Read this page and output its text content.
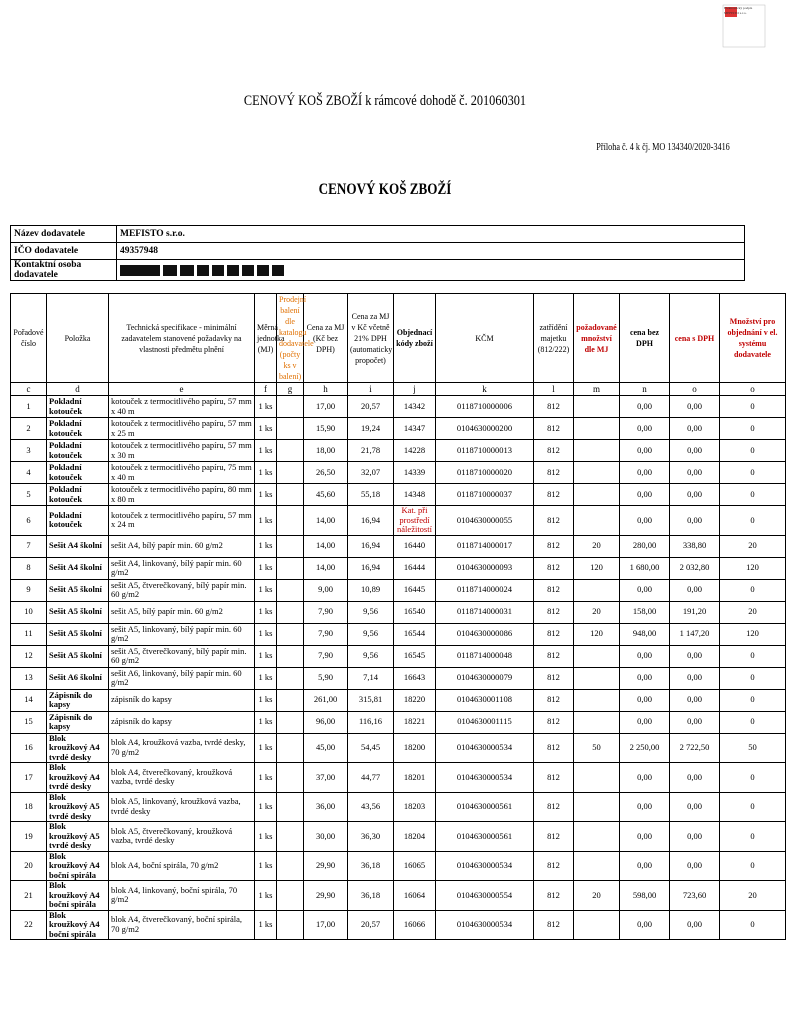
Elektronický podpis
MEFISTO s.r.o.
CENOVÝ KOŠ ZBOŽÍ k rámcové dohodě č. 201060301
Příloha č. 4 k čj. MO 134340/2020-3416
CENOVÝ KOŠ ZBOŽÍ
Název dodavatele	MEFISTO s.r.o.
IČO dodavatele	49357948
Kontaktní osoba dodavatele	
Pořadové číslo	Položka	Technická specifikace - minimální zadavatelem stanovené požadavky na vlastnosti předmětu plnění	Měrná jednotka (MJ)	Prodejní balení dle katalogu dodavatele (počty ks v balení)	Cena za MJ (Kč bez DPH)	Cena za MJ v Kč včetně 21% DPH (automaticky propočet)	Objednací kódy zboží	KČM	zatřídění majetku (812/222)	požadované množství dle MJ	cena bez DPH	cena s DPH	Množství pro objednání v el. systému dodavatele
c	d	e	f	g	h	i	j	k	l	m	n	o	o
1	Pokladní kotouček	kotouček z termocitlivého papíru, 57 mm x 40 m	1 ks		17,00	20,57	14342	0118710000006	812		0,00	0,00	0
2	Pokladní kotouček	kotouček z termocitlivého papíru, 57 mm x 25 m	1 ks		15,90	19,24	14347	0104630000200	812		0,00	0,00	0
3	Pokladní kotouček	kotouček z termocitlivého papíru, 57 mm x 30 m	1 ks		18,00	21,78	14228	0118710000013	812		0,00	0,00	0
4	Pokladní kotouček	kotouček z termocitlivého papíru, 75 mm x 40 m	1 ks		26,50	32,07	14339	0118710000020	812		0,00	0,00	0
5	Pokladní kotouček	kotouček z termocitlivého papíru, 80 mm x 80 m	1 ks		45,60	55,18	14348	0118710000037	812		0,00	0,00	0
6	Pokladní kotouček	kotouček z termocitlivého papíru, 57 mm x 24 m	1 ks		14,00	16,94	Kat. při prostředí náležitostí	0104630000055	812		0,00	0,00	0
7	Sešit A4 školní	sešit A4, bílý papír min. 60 g/m2	1 ks		14,00	16,94	16440	0118714000017	812	20	280,00	338,80	20
8	Sešit A4 školní	sešit A4, linkovaný, bílý papír min. 60 g/m2	1 ks		14,00	16,94	16444	0104630000093	812	120	1 680,00	2 032,80	120
9	Sešit A5 školní	sešit A5, čtverečkovaný, bílý papír min. 60 g/m2	1 ks		9,00	10,89	16445	0118714000024	812		0,00	0,00	0
10	Sešit A5 školní	sešit A5, bílý papír min. 60 g/m2	1 ks		7,90	9,56	16540	0118714000031	812	20	158,00	191,20	20
11	Sešit A5 školní	sešit A5, linkovaný, bílý papír min. 60 g/m2	1 ks		7,90	9,56	16544	0104630000086	812	120	948,00	1 147,20	120
12	Sešit A5 školní	sešit A5, čtverečkovaný, bílý papír min. 60 g/m2	1 ks		7,90	9,56	16545	0118714000048	812		0,00	0,00	0
13	Sešit A6 školní	sešit A6, linkovaný, bílý papír min. 60 g/m2	1 ks		5,90	7,14	16643	0104630000079	812		0,00	0,00	0
14	Zápisník do kapsy	zápisník do kapsy	1 ks		261,00	315,81	18220	0104630001108	812		0,00	0,00	0
15	Zápisník do kapsy	zápisník do kapsy	1 ks		96,00	116,16	18221	0104630001115	812		0,00	0,00	0
16	Blok kroužkový A4 tvrdé desky	blok A4, kroužková vazba, tvrdé desky, 70 g/m2	1 ks		45,00	54,45	18200	0104630000534	812	50	2 250,00	2 722,50	50
17	Blok kroužkový A4 tvrdé desky	blok A4, čtverečkovaný, kroužková vazba, tvrdé desky	1 ks		37,00	44,77	18201	0104630000534	812		0,00	0,00	0
18	Blok kroužkový A5 tvrdé desky	blok A5, linkovaný, kroužková vazba, tvrdé desky	1 ks		36,00	43,56	18203	0104630000561	812		0,00	0,00	0
19	Blok kroužkový A5 tvrdé desky	blok A5, čtverečkovaný, kroužková vazba, tvrdé desky	1 ks		30,00	36,30	18204	0104630000561	812		0,00	0,00	0
20	Blok kroužkový A4 boční spirála	blok A4, boční spirála, 70 g/m2	1 ks		29,90	36,18	16065	0104630000534	812		0,00	0,00	0
21	Blok kroužkový A4 boční spirála	blok A4, linkovaný, boční spirála, 70 g/m2	1 ks		29,90	36,18	16064	0104630000554	812	20	598,00	723,60	20
22	Blok kroužkový A4 boční spirála	blok A4, čtverečkovaný, boční spirála, 70 g/m2	1 ks		17,00	20,57	16066	0104630000534	812		0,00	0,00	0
